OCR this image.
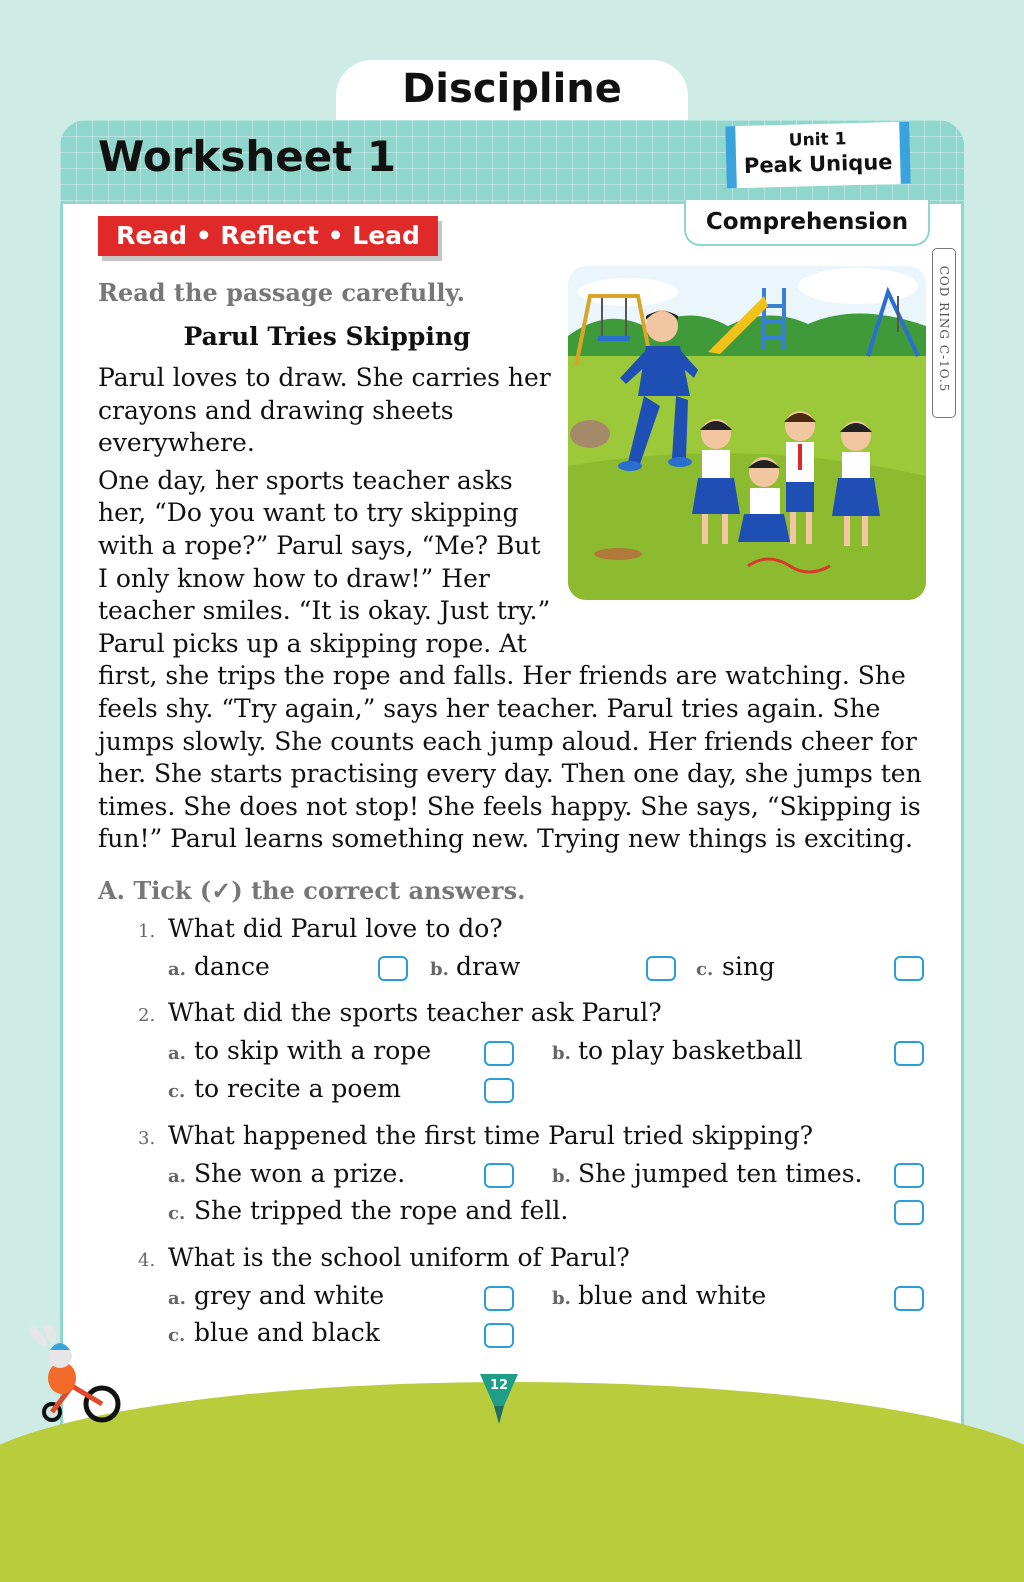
Discipline
Worksheet 1	Unit 1
Peak Unique
Read • Reflect • Lead	Comprehension
COD RING C-1O.5
Read the passage carefully.
Parul Tries Skipping

Parul loves to draw. She carries her crayons and drawing sheets everywhere.

One day, her sports teacher asks her, “Do you want to try skipping with a rope?” Parul says, “Me? But I only know how to draw!” Her teacher smiles. “It is okay. Just try.” Parul picks up a skipping rope. At first, she trips the rope and falls. Her friends are watching. She feels shy. “Try again,” says her teacher. Parul tries again. She jumps slowly. She counts each jump aloud. Her friends cheer for her. She starts practising every day. Then one day, she jumps ten times. She does not stop! She feels happy. She says, “Skipping is fun!” Parul learns something new. Trying new things is exciting.

A. Tick (✓) the correct answers.
1. What did Parul love to do?
a. dance	b. draw	c. sing
2. What did the sports teacher ask Parul?
a. to skip with a rope	b. to play basketball
c. to recite a poem
3. What happened the first time Parul tried skipping?
a. She won a prize.	b. She jumped ten times.
c. She tripped the rope and fell.
4. What is the school uniform of Parul?
a. grey and white	b. blue and white
c. blue and black
12
